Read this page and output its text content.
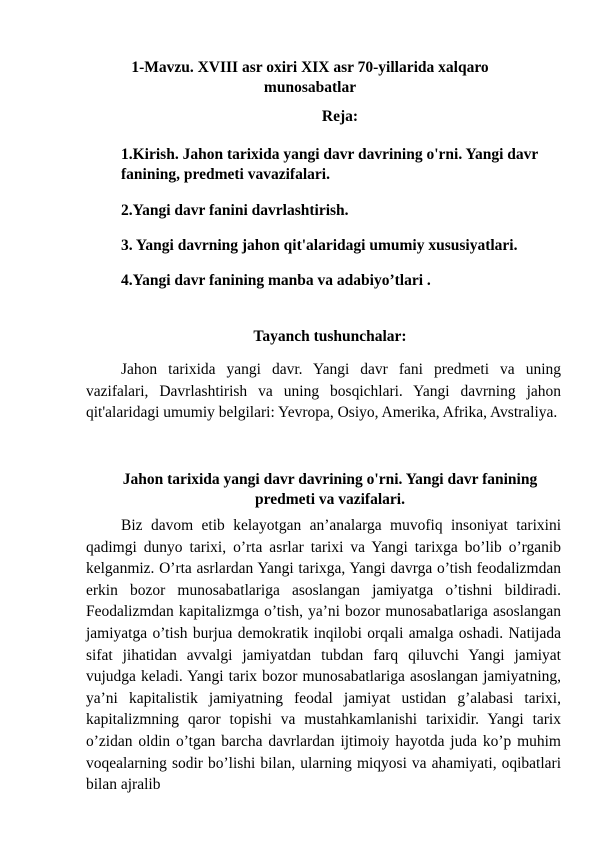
1-Mavzu. XVIII asr oxiri XIX asr 70-yillarida xalqaro munosabatlar
Reja:
1.Kirish. Jahon tarixida yangi davr davrining o'rni. Yangi davr fanining, predmeti vavazifalari.
2.Yangi davr fanini davrlashtirish.
3. Yangi davrning jahon qit'alaridagi umumiy xususiyatlari.
4.Yangi davr fanining manba va adabiyo’tlari .
Tayanch tushunchalar:
Jahon tarixida yangi davr. Yangi davr fani predmeti va uning vazifalari, Davrlashtirish va uning bosqichlari. Yangi davrning jahon qit'alaridagi umumiy belgilari: Yevropa, Osiyo, Amerika, Afrika, Avstraliya.
Jahon tarixida yangi davr davrining o'rni. Yangi davr fanining predmeti va vazifalari.
Biz davom etib kelayotgan an’analarga muvofiq insoniyat tarixini qadimgi dunyo tarixi, o’rta asrlar tarixi va Yangi tarixga bo’lib o’rganib kelganmiz. O’rta asrlardan Yangi tarixga, Yangi davrga o’tish feodalizmdan erkin bozor munosabatlariga asoslangan jamiyatga o’tishni bildiradi. Feodalizmdan kapitalizmga o’tish, ya’ni bozor munosabatlariga asoslangan jamiyatga o’tish burjua demokratik inqilobi orqali amalga oshadi. Natijada sifat jihatidan avvalgi jamiyatdan tubdan farq qiluvchi Yangi jamiyat vujudga keladi. Yangi tarix bozor munosabatlariga asoslangan jamiyatning, ya’ni kapitalistik jamiyatning feodal jamiyat ustidan g’alabasi tarixi, kapitalizmning qaror topishi va mustahkamlanishi tarixidir. Yangi tarix o’zidan oldin o’tgan barcha davrlardan ijtimoiy hayotda juda ko’p muhim voqealarning sodir bo’lishi bilan, ularning miqyosi va ahamiyati, oqibatlari bilan ajralib
